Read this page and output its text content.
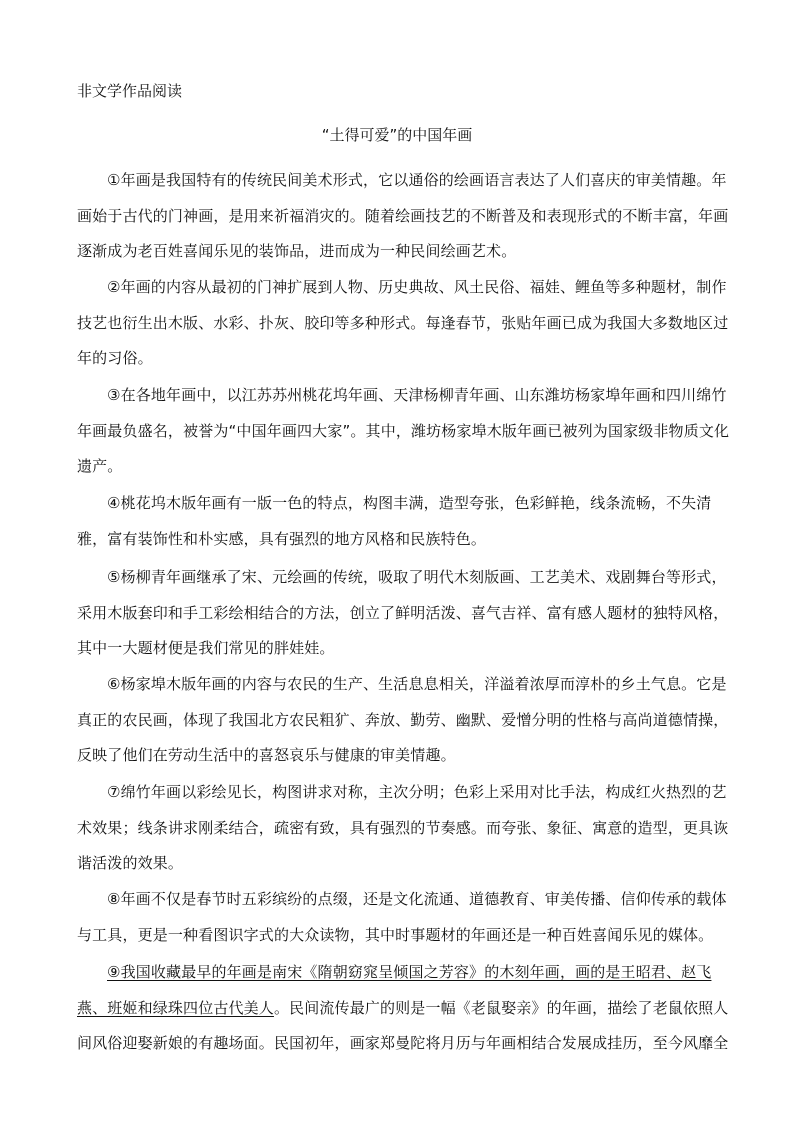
非文学作品阅读
“土得可爱”的中国年画
①年画是我国特有的传统民间美术形式，它以通俗的绘画语言表达了人们喜庆的审美情趣。年
画始于古代的门神画，是用来祈福消灾的。随着绘画技艺的不断普及和表现形式的不断丰富，年画
逐渐成为老百姓喜闻乐见的装饰品，进而成为一种民间绘画艺术。
②年画的内容从最初的门神扩展到人物、历史典故、风土民俗、福娃、鲤鱼等多种题材，制作
技艺也衍生出木版、水彩、扑灰、胶印等多种形式。每逢春节，张贴年画已成为我国大多数地区过
年的习俗。
③在各地年画中，以江苏苏州桃花坞年画、天津杨柳青年画、山东潍坊杨家埠年画和四川绵竹
年画最负盛名，被誉为“中国年画四大家”。其中，潍坊杨家埠木版年画已被列为国家级非物质文化
遗产。
④桃花坞木版年画有一版一色的特点，构图丰满，造型夸张，色彩鲜艳，线条流畅，不失清
雅，富有装饰性和朴实感，具有强烈的地方风格和民族特色。
⑤杨柳青年画继承了宋、元绘画的传统，吸取了明代木刻版画、工艺美术、戏剧舞台等形式，
采用木版套印和手工彩绘相结合的方法，创立了鲜明活泼、喜气吉祥、富有感人题材的独特风格，
其中一大题材便是我们常见的胖娃娃。
⑥杨家埠木版年画的内容与农民的生产、生活息息相关，洋溢着浓厚而淳朴的乡土气息。它是
真正的农民画，体现了我国北方农民粗犷、奔放、勤劳、幽默、爱憎分明的性格与高尚道德情操，
反映了他们在劳动生活中的喜怒哀乐与健康的审美情趣。
⑦绵竹年画以彩绘见长，构图讲求对称，主次分明；色彩上采用对比手法，构成红火热烈的艺
术效果；线条讲求刚柔结合，疏密有致，具有强烈的节奏感。而夸张、象征、寓意的造型，更具诙
谐活泼的效果。
⑧年画不仅是春节时五彩缤纷的点缀，还是文化流通、道德教育、审美传播、信仰传承的载体
与工具，更是一种看图识字式的大众读物，其中时事题材的年画还是一种百姓喜闻乐见的媒体。
⑨我国收藏最早的年画是南宋《隋朝窈窕呈倾国之芳容》的木刻年画，画的是王昭君、赵飞
燕、班姬和绿珠四位古代美人。民间流传最广的则是一幅《老鼠娶亲》的年画，描绘了老鼠依照人
间风俗迎娶新娘的有趣场面。民国初年，画家郑曼陀将月历与年画相结合发展成挂历，至今风靡全
